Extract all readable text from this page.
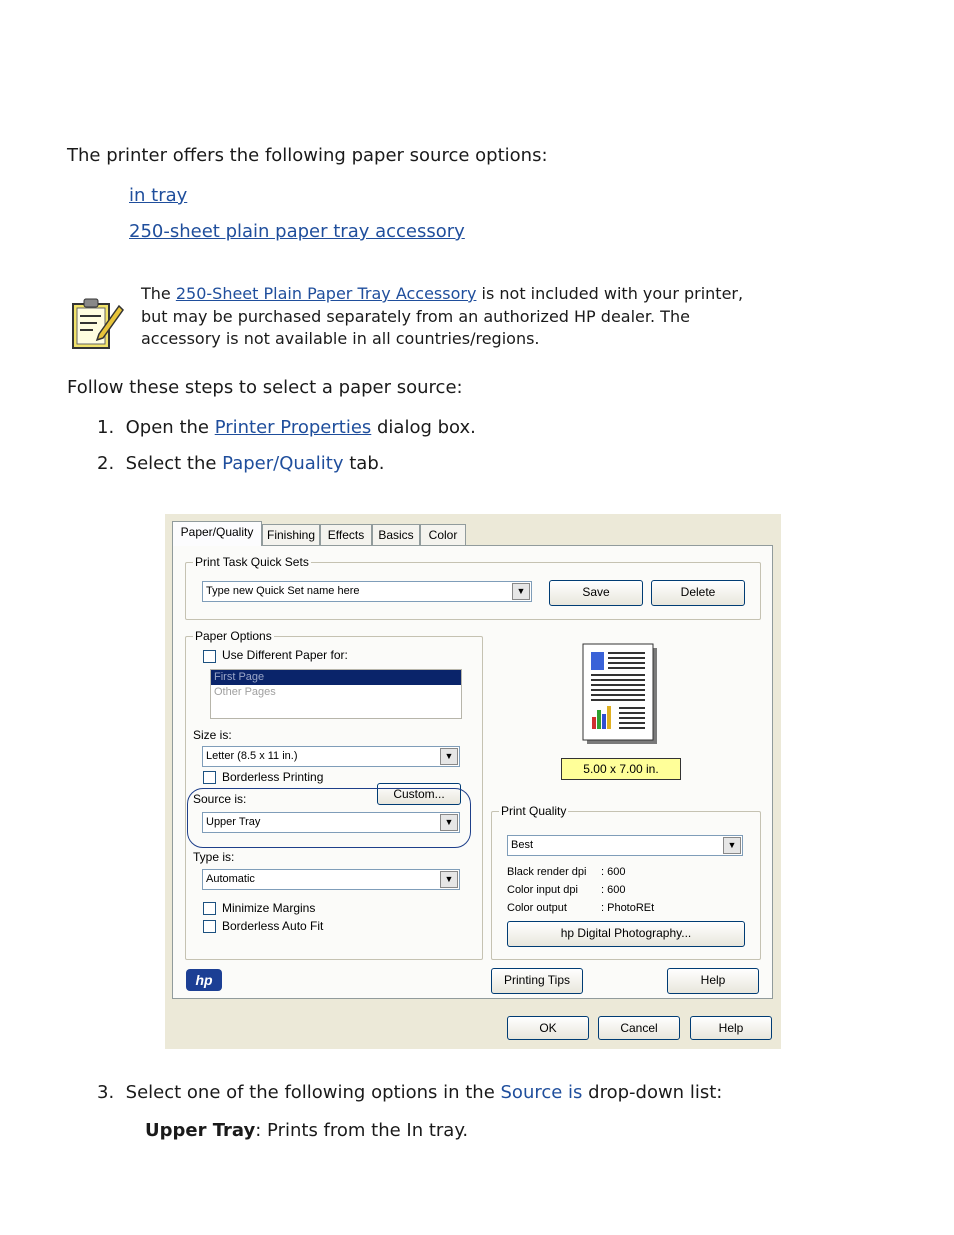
The printer offers the following paper source options:
in tray
250-sheet plain paper tray accessory
The 250-Sheet Plain Paper Tray Accessory is not included with your printer, but may be purchased separately from an authorized HP dealer. The accessory is not available in all countries/regions.
Follow these steps to select a paper source:
1. Open the Printer Properties dialog box.
2. Select the Paper/Quality tab.
Paper/Quality	Finishing	Effects	Basics	Color
Print Task Quick Sets
Type new Quick Set name here	▼	Save	Delete
Paper Options
Use Different Paper for:
First Page
Other Pages
Size is:
Letter (8.5 x 11 in.)	▼
Borderless Printing
Custom...
Source is:
Upper Tray	▼
Type is:
Automatic	▼
Minimize Margins
Borderless Auto Fit
5.00 x 7.00 in.
Print Quality
Best	▼
Black render dpi : 600
Color input dpi : 600
Color output	: PhotoREt
hp Digital Photography...
hp	Printing Tips	Help
OK	Cancel	Help
3. Select one of the following options in the Source is drop-down list:
Upper Tray: Prints from the In tray.
